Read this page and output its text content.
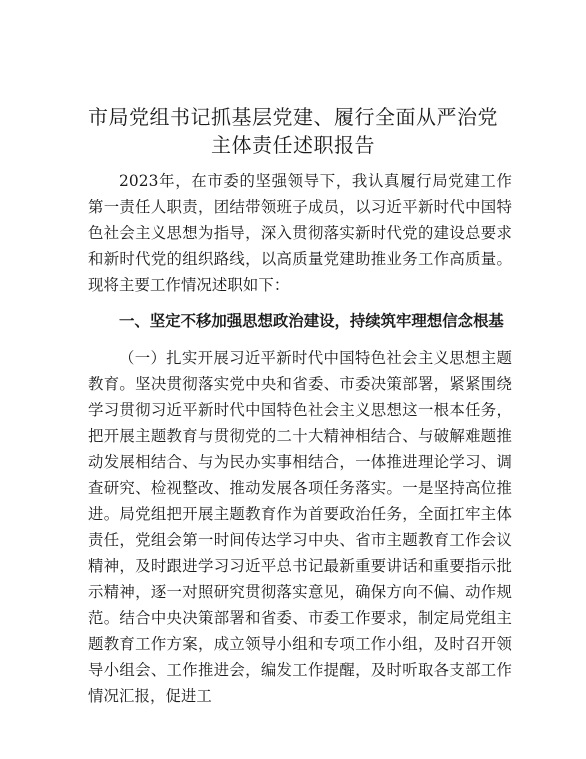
市局党组书记抓基层党建、履行全面从严治党
主体责任述职报告

2023年，在市委的坚强领导下，我认真履行局党建工作第一责任人职责，团结带领班子成员，以习近平新时代中国特色社会主义思想为指导，深入贯彻落实新时代党的建设总要求和新时代党的组织路线，以高质量党建助推业务工作高质量。现将主要工作情况述职如下：

一、坚定不移加强思想政治建设，持续筑牢理想信念根基

（一）扎实开展习近平新时代中国特色社会主义思想主题教育。坚决贯彻落实党中央和省委、市委决策部署，紧紧围绕学习贯彻习近平新时代中国特色社会主义思想这一根本任务，把开展主题教育与贯彻党的二十大精神相结合、与破解难题推动发展相结合、与为民办实事相结合，一体推进理论学习、调查研究、检视整改、推动发展各项任务落实。一是坚持高位推进。局党组把开展主题教育作为首要政治任务，全面扛牢主体责任，党组会第一时间传达学习中央、省市主题教育工作会议精神，及时跟进学习习近平总书记最新重要讲话和重要指示批示精神，逐一对照研究贯彻落实意见，确保方向不偏、动作规范。结合中央决策部署和省委、市委工作要求，制定局党组主题教育工作方案，成立领导小组和专项工作小组，及时召开领导小组会、工作推进会，编发工作提醒，及时听取各支部工作情况汇报，促进工
